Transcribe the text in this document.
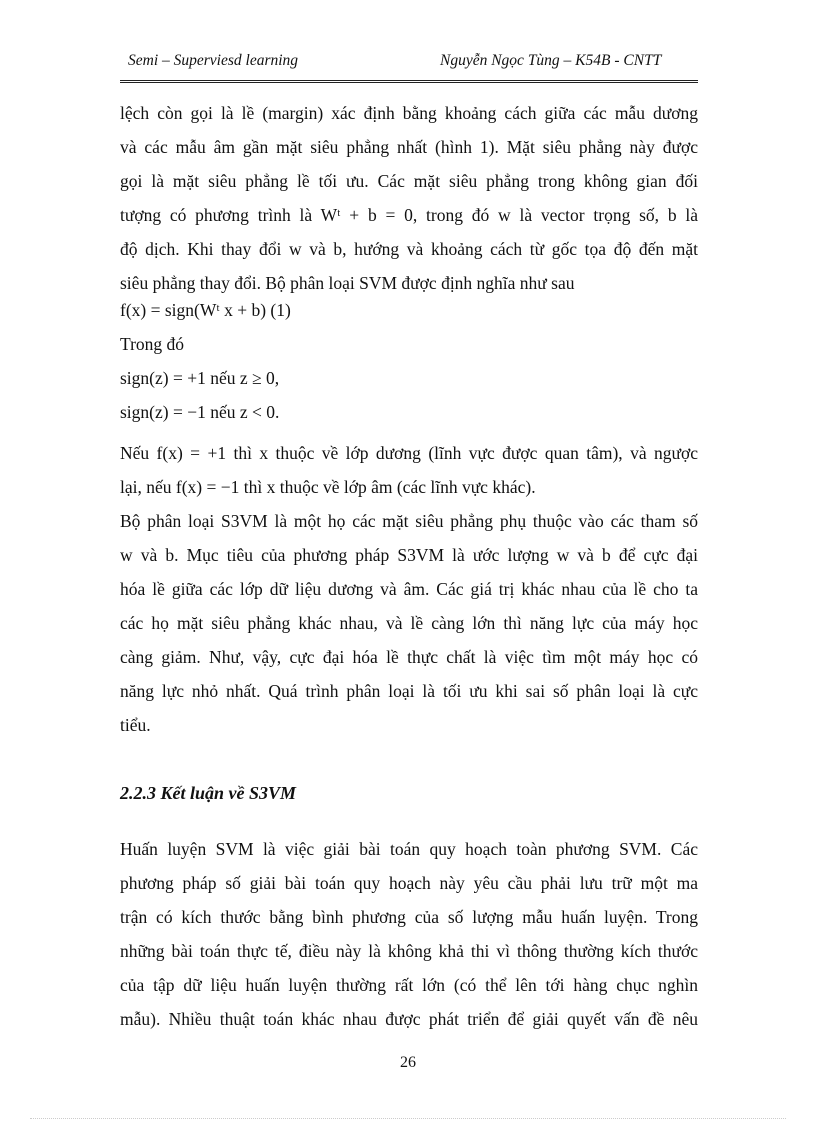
Semi – Superviesd learning	Nguyễn Ngọc Tùng – K54B - CNTT
lệch còn gọi là lề (margin) xác định bằng khoảng cách giữa các mẫu dương
và các mẫu âm gần mặt siêu phẳng nhất (hình 1). Mặt siêu phẳng này được
gọi là mặt siêu phẳng lề tối ưu. Các mặt siêu phẳng trong không gian đối
tượng có phương trình là Wᵗ + b = 0, trong đó w là vector trọng số, b là
độ dịch. Khi thay đổi w và b, hướng và khoảng cách từ gốc tọa độ đến mặt
siêu phẳng thay đổi. Bộ phân loại SVM được định nghĩa như sau
f(x) = sign(Wᵗ x + b) (1)
Trong đó
sign(z) = +1 nếu z ≥ 0,
sign(z) = −1 nếu z < 0.
Nếu f(x) = +1 thì x thuộc về lớp dương (lĩnh vực được quan tâm), và ngược
lại, nếu f(x) = −1 thì x thuộc về lớp âm (các lĩnh vực khác).
Bộ phân loại S3VM là một họ các mặt siêu phẳng phụ thuộc vào các tham số
w và b. Mục tiêu của phương pháp S3VM là ước lượng w và b để cực đại
hóa lề giữa các lớp dữ liệu dương và âm. Các giá trị khác nhau của lề cho ta
các họ mặt siêu phẳng khác nhau, và lề càng lớn thì năng lực của máy học
càng giảm. Như, vậy, cực đại hóa lề thực chất là việc tìm một máy học có
năng lực nhỏ nhất. Quá trình phân loại là tối ưu khi sai số phân loại là cực
tiểu.
2.2.3 Kết luận về S3VM
Huấn luyện SVM là việc giải bài toán quy hoạch toàn phương SVM. Các
phương pháp số giải bài toán quy hoạch này yêu cầu phải lưu trữ một ma
trận có kích thước bằng bình phương của số lượng mẫu huấn luyện. Trong
những bài toán thực tế, điều này là không khả thi vì thông thường kích thước
của tập dữ liệu huấn luyện thường rất lớn (có thể lên tới hàng chục nghìn
mẫu). Nhiều thuật toán khác nhau được phát triển để giải quyết vấn đề nêu
26
